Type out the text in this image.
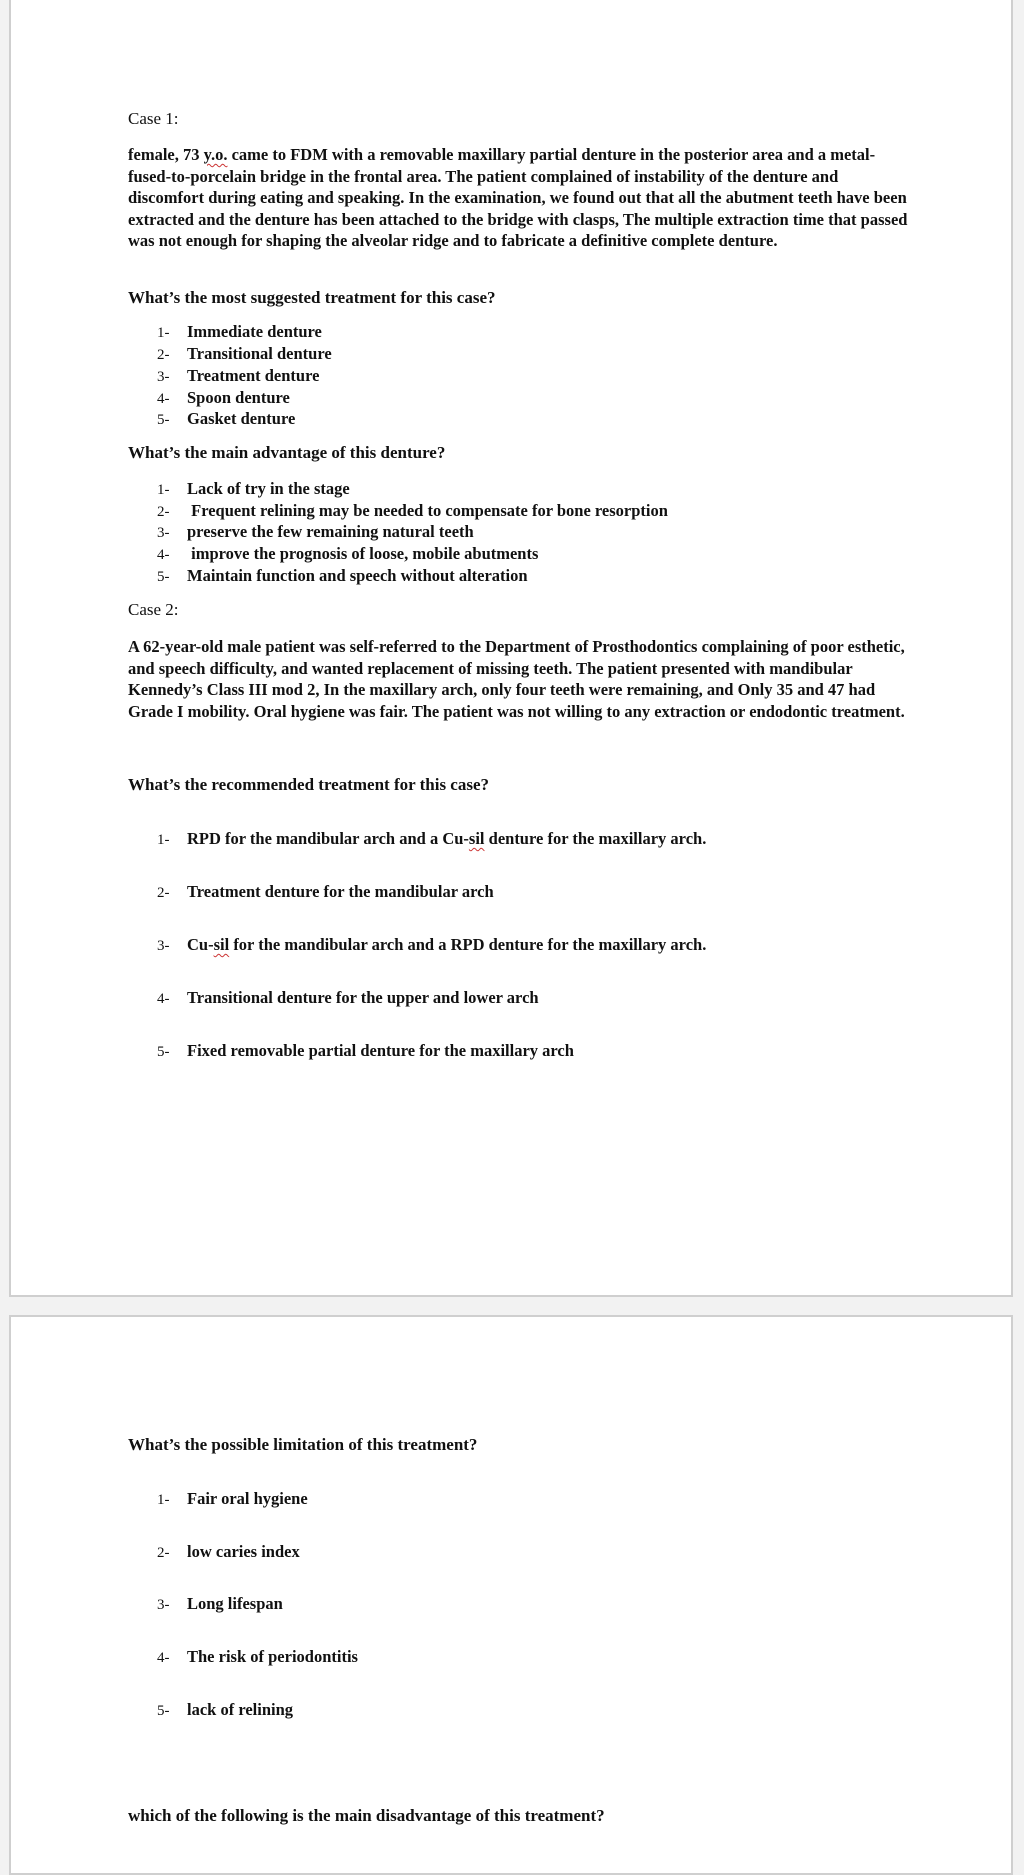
Case 1:
female, 73 y.o. came to FDM with a removable maxillary partial denture in the posterior area and a metal-fused-to-porcelain bridge in the frontal area. The patient complained of instability of the denture and discomfort during eating and speaking. In the examination, we found out that all the abutment teeth have been extracted and the denture has been attached to the bridge with clasps, The multiple extraction time that passed was not enough for shaping the alveolar ridge and to fabricate a definitive complete denture.
What’s the most suggested treatment for this case?
1- Immediate denture
2- Transitional denture
3- Treatment denture
4- Spoon denture
5- Gasket denture
What’s the main advantage of this denture?
1- Lack of try in the stage
2- Frequent relining may be needed to compensate for bone resorption
3- preserve the few remaining natural teeth
4- improve the prognosis of loose, mobile abutments
5- Maintain function and speech without alteration
Case 2:
A 62-year-old male patient was self-referred to the Department of Prosthodontics complaining of poor esthetic, and speech difficulty, and wanted replacement of missing teeth. The patient presented with mandibular Kennedy’s Class III mod 2, In the maxillary arch, only four teeth were remaining, and Only 35 and 47 had Grade I mobility. Oral hygiene was fair. The patient was not willing to any extraction or endodontic treatment.
What’s the recommended treatment for this case?
1- RPD for the mandibular arch and a Cu-sil denture for the maxillary arch.
2- Treatment denture for the mandibular arch
3- Cu-sil for the mandibular arch and a RPD denture for the maxillary arch.
4- Transitional denture for the upper and lower arch
5- Fixed removable partial denture for the maxillary arch
What’s the possible limitation of this treatment?
1- Fair oral hygiene
2- low caries index
3- Long lifespan
4- The risk of periodontitis
5- lack of relining
which of the following is the main disadvantage of this treatment?
